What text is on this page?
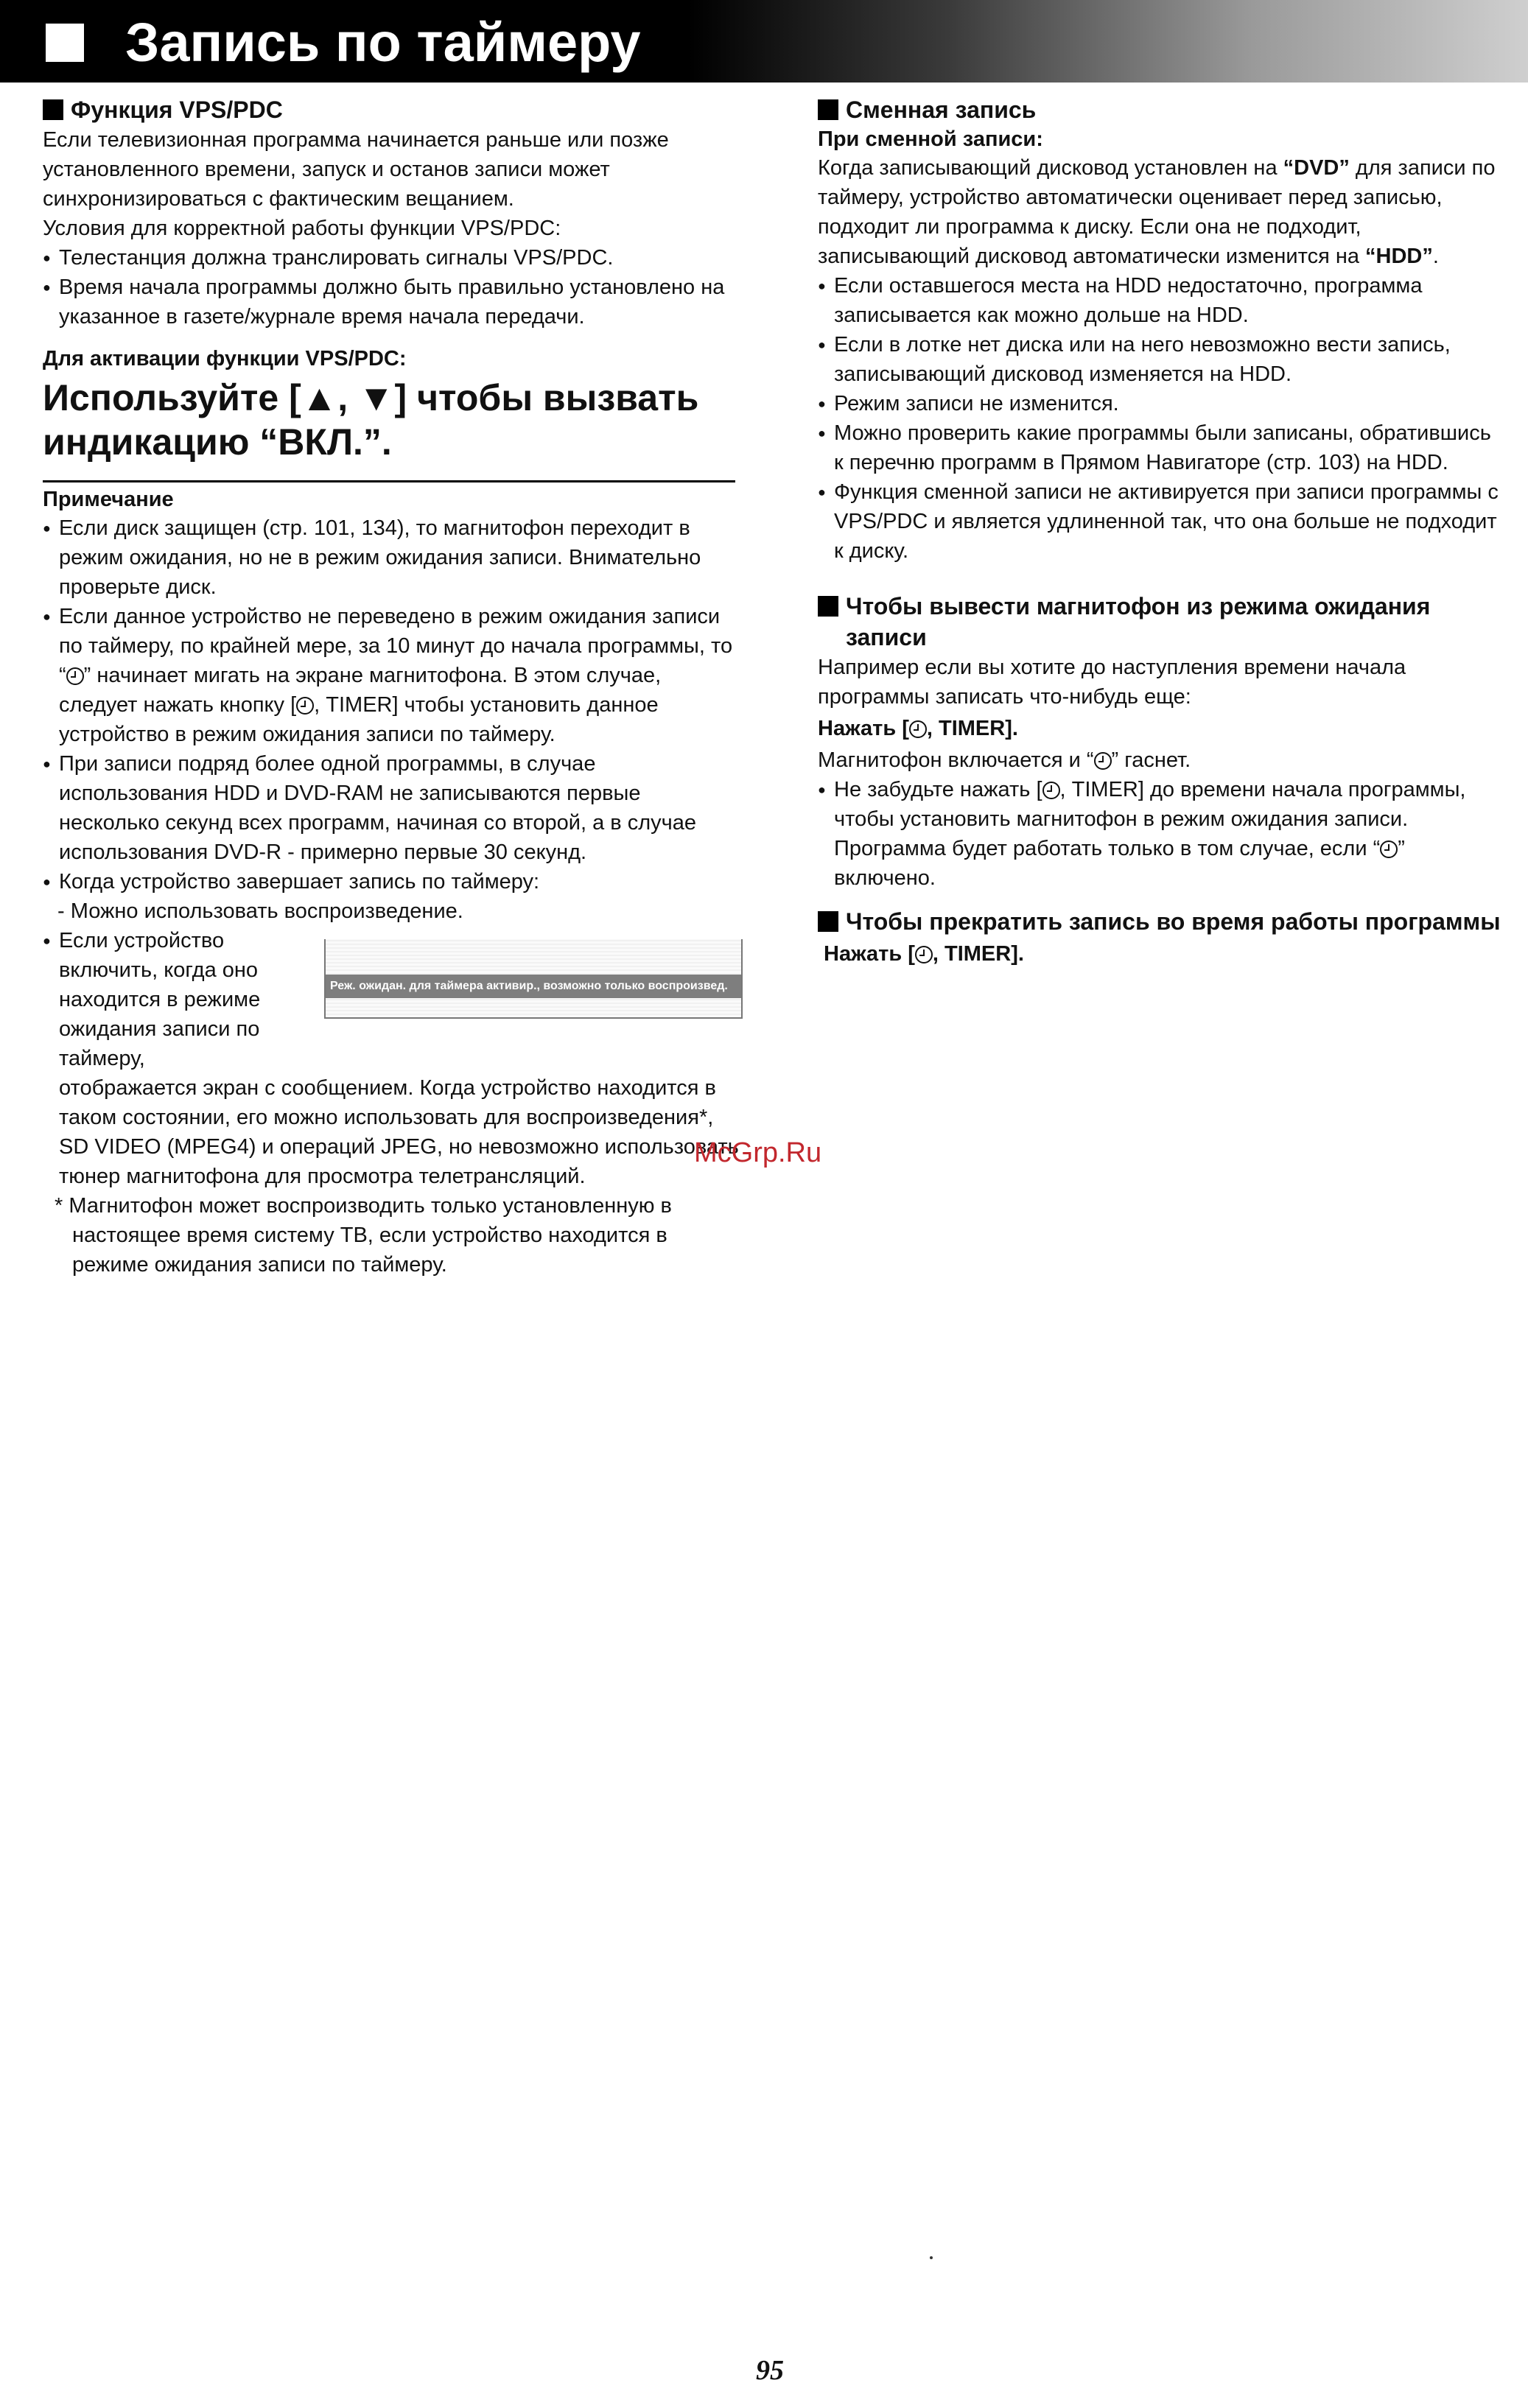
Запись по таймеру
Функция VPS/PDC

Если телевизионная программа начинается раньше или позже установленного времени, запуск и останов записи может синхронизироваться с фактическим вещанием.

Условия для корректной работы функции VPS/PDC:

● Телестанция должна транслировать сигналы VPS/PDC.

● Время начала программы должно быть правильно установлено на указанное в газете/журнале время начала передачи.

Для активации функции VPS/PDC:

Используйте [▲, ▼] чтобы вызвать индикацию “ВКЛ.”.

Примечание

● Если диск защищен (стр. 101, 134), то магнитофон переходит в режим ожидания, но не в режим ожидания записи. Внимательно проверьте диск.

● Если данное устройство не переведено в режим ожидания записи по таймеру, по крайней мере, за 10 минут до начала программы, то “ ” начинает мигать на экране магнитофона. В этом случае, следует нажать кнопку [ , TIMER] чтобы установить данное устройство в режим ожидания записи по таймеру.

● При записи подряд более одной программы, в случае использования HDD и DVD-RAM не записываются первые несколько секунд всех программ, начиная со второй, а в случае использования DVD-R - примерно первые 30 секунд.

● Когда устройство завершает запись по таймеру:

- Можно использовать воспроизведение.

● Если устройство включить, когда оно находится в режиме ожидания записи по таймеру,

Реж. ожидан. для таймера активир., возможно только воспроизвед.

отображается экран с сообщением. Когда устройство находится в таком состоянии, его можно использовать для воспроизведения*, SD VIDEO (MPEG4) и операций JPEG, но невозможно использовать тюнер магнитофона для просмотра телетрансляций.

* Магнитофон может воспроизводить только установленную в настоящее время систему ТВ, если устройство находится в режиме ожидания записи по таймеру.

Сменная запись

При сменной записи:

Когда записывающий дисковод установлен на “DVD” для записи по таймеру, устройство автоматически оценивает перед записью, подходит ли программа к диску. Если она не подходит, записывающий дисковод автоматически изменится на “HDD”.

● Если оставшегося места на HDD недостаточно, программа записывается как можно дольше на HDD.

● Если в лотке нет диска или на него невозможно вести запись, записывающий дисковод изменяется на HDD.

● Режим записи не изменится.

● Можно проверить какие программы были записаны, обратившись к перечню программ в Прямом Навигаторе (стр. 103) на HDD.

● Функция сменной записи не активируется при записи программы с VPS/PDC и является удлиненной так, что она больше не подходит к диску.

Чтобы вывести магнитофон из режима ожидания записи

Например если вы хотите до наступления времени начала программы записать что-нибудь еще:

Нажать [ , TIMER].

Магнитофон включается и “ ” гаснет.

● Не забудьте нажать [ , TIMER] до времени начала программы, чтобы установить магнитофон в режим ожидания записи. Программа будет работать только в том случае, если “ ” включено.

Чтобы прекратить запись во время работы программы

Нажать [ , TIMER].

McGrp.Ru
95
